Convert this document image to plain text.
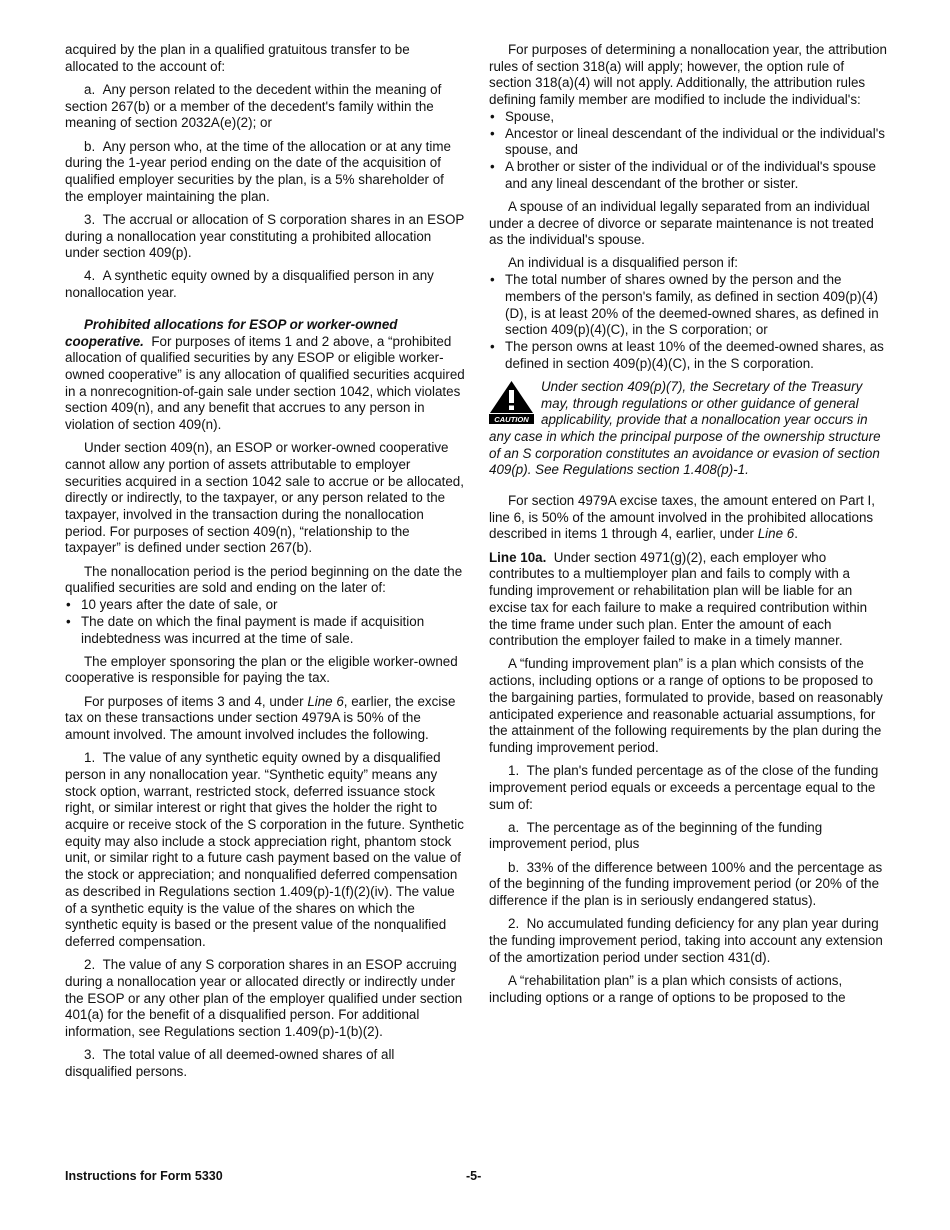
acquired by the plan in a qualified gratuitous transfer to be allocated to the account of:

a.  Any person related to the decedent within the meaning of section 267(b) or a member of the decedent's family within the meaning of section 2032A(e)(2); or

b.  Any person who, at the time of the allocation or at any time during the 1-year period ending on the date of the acquisition of qualified employer securities by the plan, is a 5% shareholder of the employer maintaining the plan.

3.  The accrual or allocation of S corporation shares in an ESOP during a nonallocation year constituting a prohibited allocation under section 409(p).

4.  A synthetic equity owned by a disqualified person in any nonallocation year.

Prohibited allocations for ESOP or worker-owned cooperative. For purposes of items 1 and 2 above, a “prohibited allocation of qualified securities by any ESOP or eligible worker-owned cooperative” is any allocation of qualified securities acquired in a nonrecognition-of-gain sale under section 1042, which violates section 409(n), and any benefit that accrues to any person in violation of section 409(n).

Under section 409(n), an ESOP or worker-owned cooperative cannot allow any portion of assets attributable to employer securities acquired in a section 1042 sale to accrue or be allocated, directly or indirectly, to the taxpayer, or any person related to the taxpayer, involved in the transaction during the nonallocation period. For purposes of section 409(n), “relationship to the taxpayer” is defined under section 267(b).

The nonallocation period is the period beginning on the date the qualified securities are sold and ending on the later of:

• 10 years after the date of sale, or

• The date on which the final payment is made if acquisition indebtedness was incurred at the time of sale.

The employer sponsoring the plan or the eligible worker-owned cooperative is responsible for paying the tax.

For purposes of items 3 and 4, under Line 6, earlier, the excise tax on these transactions under section 4979A is 50% of the amount involved. The amount involved includes the following.

1.  The value of any synthetic equity owned by a disqualified person in any nonallocation year. “Synthetic equity” means any stock option, warrant, restricted stock, deferred issuance stock right, or similar interest or right that gives the holder the right to acquire or receive stock of the S corporation in the future. Synthetic equity may also include a stock appreciation right, phantom stock unit, or similar right to a future cash payment based on the value of the stock or appreciation; and nonqualified deferred compensation as described in Regulations section 1.409(p)-1(f)(2)(iv). The value of a synthetic equity is the value of the shares on which the synthetic equity is based or the present value of the nonqualified deferred compensation.

2.  The value of any S corporation shares in an ESOP accruing during a nonallocation year or allocated directly or indirectly under the ESOP or any other plan of the employer qualified under section 401(a) for the benefit of a disqualified person. For additional information, see Regulations section 1.409(p)-1(b)(2).

3.  The total value of all deemed-owned shares of all disqualified persons.

For purposes of determining a nonallocation year, the attribution rules of section 318(a) will apply; however, the option rule of section 318(a)(4) will not apply. Additionally, the attribution rules defining family member are modified to include the individual's:

• Spouse,

• Ancestor or lineal descendant of the individual or the individual's spouse, and

• A brother or sister of the individual or of the individual's spouse and any lineal descendant of the brother or sister.

A spouse of an individual legally separated from an individual under a decree of divorce or separate maintenance is not treated as the individual's spouse.

An individual is a disqualified person if:

• The total number of shares owned by the person and the members of the person's family, as defined in section 409(p)(4)(D), is at least 20% of the deemed-owned shares, as defined in section 409(p)(4)(C), in the S corporation; or

• The person owns at least 10% of the deemed-owned shares, as defined in section 409(p)(4)(C), in the S corporation.

CAUTION
Under section 409(p)(7), the Secretary of the Treasury may, through regulations or other guidance of general applicability, provide that a nonallocation year occurs in any case in which the principal purpose of the ownership structure of an S corporation constitutes an avoidance or evasion of section 409(p). See Regulations section 1.408(p)-1.

For section 4979A excise taxes, the amount entered on Part I, line 6, is 50% of the amount involved in the prohibited allocations described in items 1 through 4, earlier, under Line 6.

Line 10a. Under section 4971(g)(2), each employer who contributes to a multiemployer plan and fails to comply with a funding improvement or rehabilitation plan will be liable for an excise tax for each failure to make a required contribution within the time frame under such plan. Enter the amount of each contribution the employer failed to make in a timely manner.

A “funding improvement plan” is a plan which consists of the actions, including options or a range of options to be proposed to the bargaining parties, formulated to provide, based on reasonably anticipated experience and reasonable actuarial assumptions, for the attainment of the following requirements by the plan during the funding improvement period.

1.  The plan's funded percentage as of the close of the funding improvement period equals or exceeds a percentage equal to the sum of:

a.  The percentage as of the beginning of the funding improvement period, plus

b.  33% of the difference between 100% and the percentage as of the beginning of the funding improvement period (or 20% of the difference if the plan is in seriously endangered status).

2.  No accumulated funding deficiency for any plan year during the funding improvement period, taking into account any extension of the amortization period under section 431(d).

A “rehabilitation plan” is a plan which consists of actions, including options or a range of options to be proposed to the

Instructions for Form 5330	-5-
